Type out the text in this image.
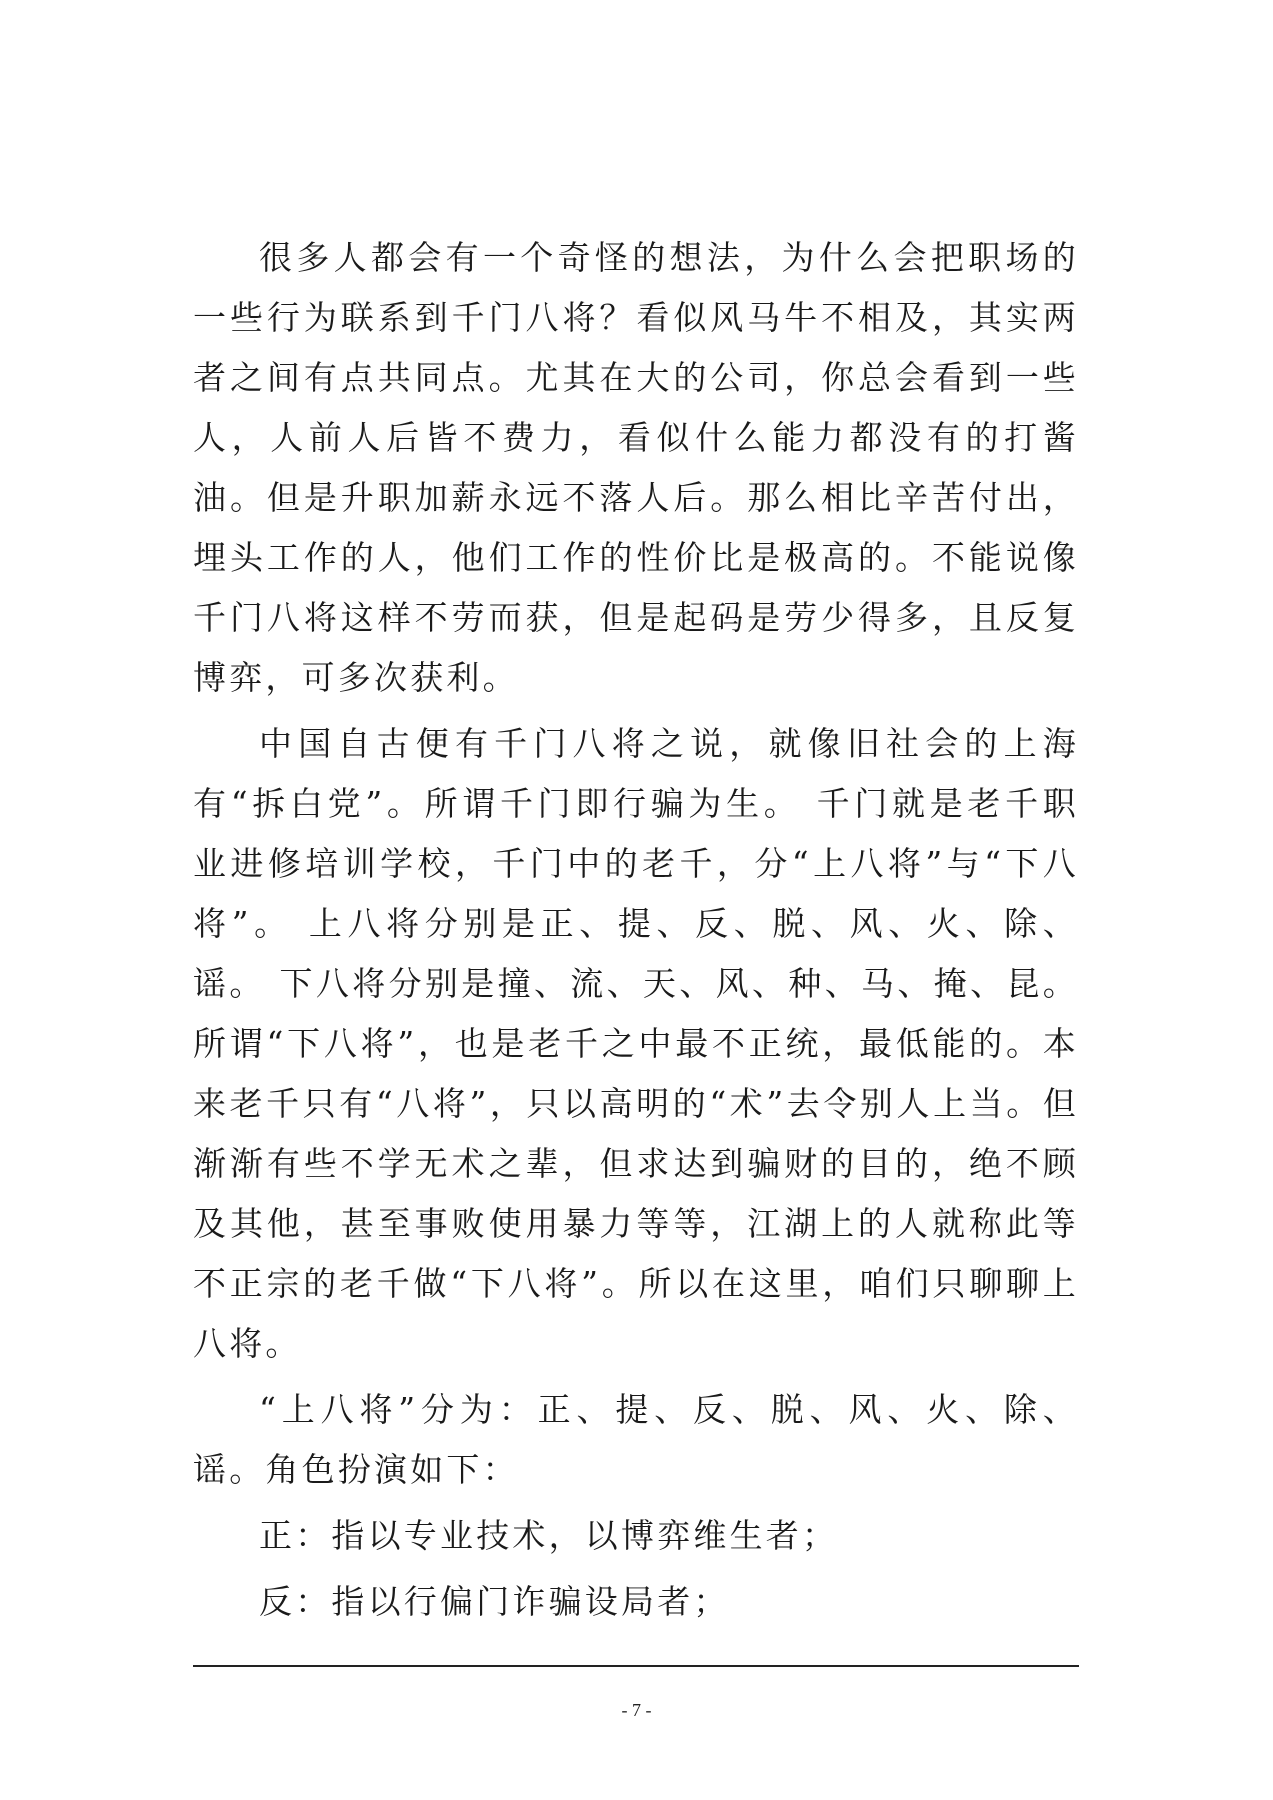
很多人都会有一个奇怪的想法，为什么会把职场的一些行为联系到千门八将？看似风马牛不相及，其实两者之间有点共同点。尤其在大的公司，你总会看到一些人，人前人后皆不费力，看似什么能力都没有的打酱油。但是升职加薪永远不落人后。那么相比辛苦付出，埋头工作的人，他们工作的性价比是极高的。不能说像千门八将这样不劳而获，但是起码是劳少得多，且反复博弈，可多次获利。

中国自古便有千门八将之说，就像旧社会的上海有“拆白党”。所谓千门即行骗为生。 千门就是老千职业进修培训学校，千门中的老千，分“上八将”与“下八将”。 上八将分别是正、提、反、脱、风、火、除、谣。 下八将分别是撞、流、天、风、种、马、掩、昆。所谓“下八将”，也是老千之中最不正统，最低能的。本来老千只有“八将”，只以高明的“术”去令别人上当。但渐渐有些不学无术之辈，但求达到骗财的目的，绝不顾及其他，甚至事败使用暴力等等，江湖上的人就称此等不正宗的老千做“下八将”。所以在这里，咱们只聊聊上八将。

“上八将”分为：正、提、反、脱、风、火、除、谣。角色扮演如下：

正：指以专业技术，以博弈维生者；

反：指以行偏门诈骗设局者；

- 7 -
